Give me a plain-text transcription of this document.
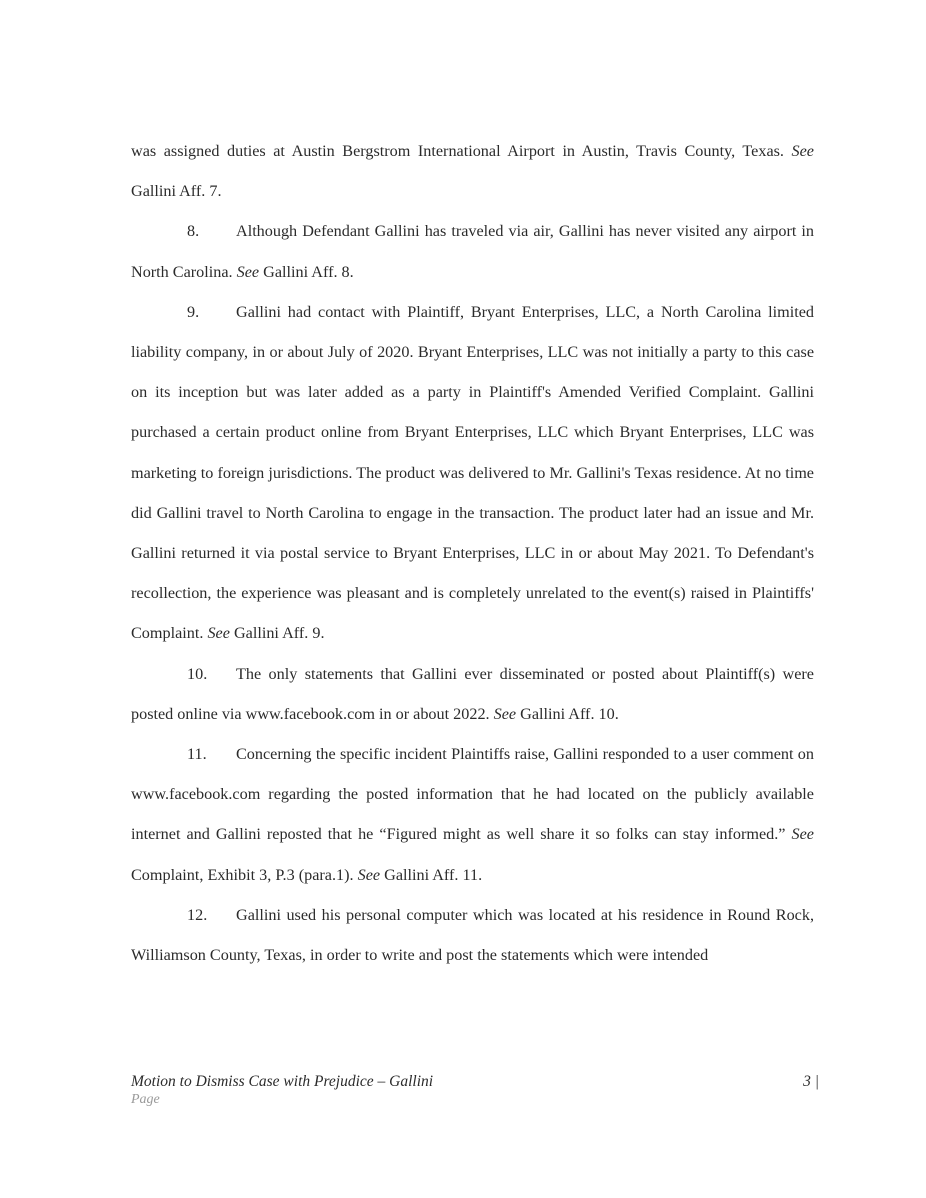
was assigned duties at Austin Bergstrom International Airport in Austin, Travis County, Texas. See Gallini Aff. 7.

8. Although Defendant Gallini has traveled via air, Gallini has never visited any airport in North Carolina. See Gallini Aff. 8.

9. Gallini had contact with Plaintiff, Bryant Enterprises, LLC, a North Carolina limited liability company, in or about July of 2020. Bryant Enterprises, LLC was not initially a party to this case on its inception but was later added as a party in Plaintiff's Amended Verified Complaint. Gallini purchased a certain product online from Bryant Enterprises, LLC which Bryant Enterprises, LLC was marketing to foreign jurisdictions. The product was delivered to Mr. Gallini's Texas residence. At no time did Gallini travel to North Carolina to engage in the transaction. The product later had an issue and Mr. Gallini returned it via postal service to Bryant Enterprises, LLC in or about May 2021. To Defendant's recollection, the experience was pleasant and is completely unrelated to the event(s) raised in Plaintiffs' Complaint. See Gallini Aff. 9.

10. The only statements that Gallini ever disseminated or posted about Plaintiff(s) were posted online via www.facebook.com in or about 2022. See Gallini Aff. 10.

11. Concerning the specific incident Plaintiffs raise, Gallini responded to a user comment on www.facebook.com regarding the posted information that he had located on the publicly available internet and Gallini reposted that he “Figured might as well share it so folks can stay informed.” See Complaint, Exhibit 3, P.3 (para.1). See Gallini Aff. 11.

12. Gallini used his personal computer which was located at his residence in Round Rock, Williamson County, Texas, in order to write and post the statements which were intended

Motion to Dismiss Case with Prejudice – Gallini	3 |
Page
